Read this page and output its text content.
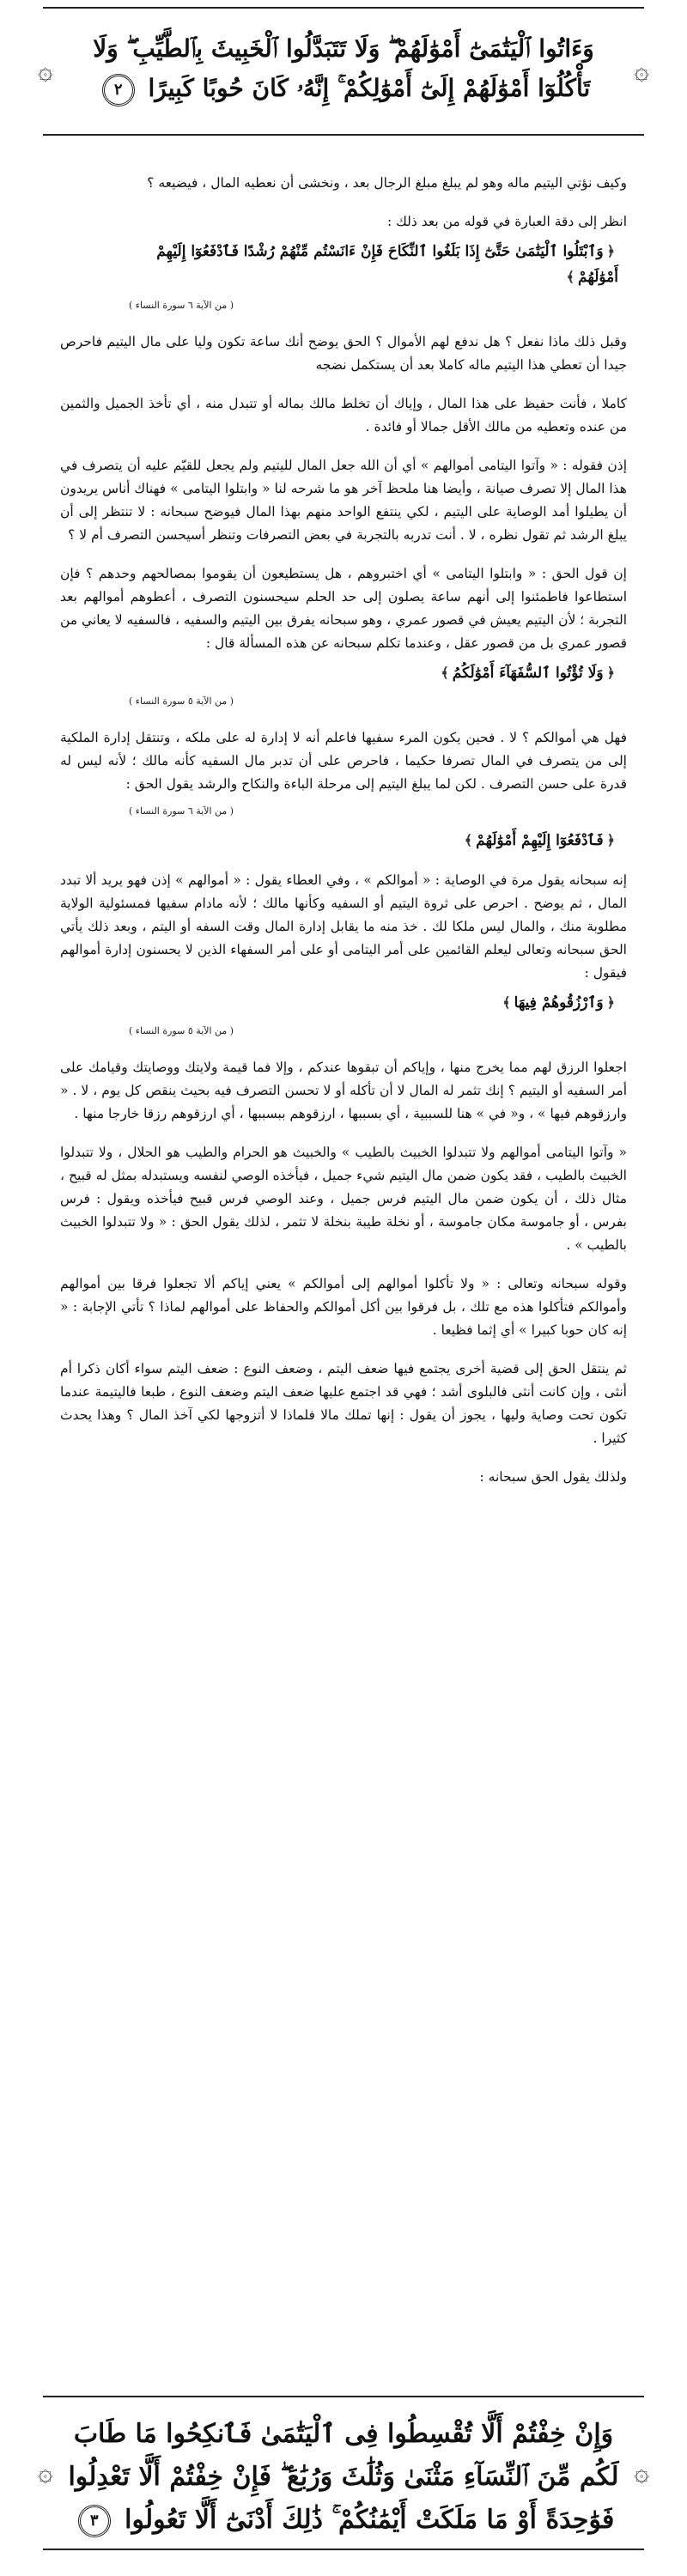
۞
وَءَاتُوا ٱلْيَتَٰمَىٰٓ أَمْوَٰلَهُمْ ۖ وَلَا تَتَبَدَّلُوا ٱلْخَبِيثَ بِٱلطَّيِّبِ ۖ وَلَا
تَأْكُلُوٓا أَمْوَٰلَهُمْ إِلَىٰٓ أَمْوَٰلِكُمْ ۚ إِنَّهُۥ كَانَ حُوبًا كَبِيرًا ٢
۞

وكيف نؤتي اليتيم ماله وهو لم يبلغ مبلغ الرجال بعد ، ونخشى أن نعطيه المال ، فيضيعه ؟

انظر إلى دقة العبارة في قوله من بعد ذلك :

﴿وَٱبْتَلُوا ٱلْيَتَٰمَىٰ حَتَّىٰٓ إِذَا بَلَغُوا ٱلنِّكَاحَ فَإِنْ ءَانَسْتُم مِّنْهُمْ رُشْدًا فَٱدْفَعُوٓا إِلَيْهِمْ
أَمْوَٰلَهُمْ﴾
( من الآية ٦ سورة النساء )

وقبل ذلك ماذا نفعل ؟ هل ندفع لهم الأموال ؟ الحق يوضح أنك ساعة تكون وليا على مال اليتيم فاحرص جيدا أن تعطي هذا اليتيم ماله كاملا بعد أن يستكمل نضجه

كاملا ، فأنت حفيظ على هذا المال ، وإياك أن تخلط مالك بماله أو تتبدل منه ، أي تأخذ الجميل والثمين من عنده وتعطيه من مالك الأقل جمالا أو فائدة .

إذن فقوله : « وآتوا اليتامى أموالهم » أي أن الله جعل المال لليتيم ولم يجعل للقيّم عليه أن يتصرف في هذا المال إلا تصرف صيانة ، وأيضا هنا ملحظ آخر هو ما شرحه لنا « وابتلوا اليتامى » فهناك أناس يريدون أن يطيلوا أمد الوصاية على اليتيم ، لكي ينتفع الواحد منهم بهذا المال فيوضح سبحانه : لا تنتظر إلى أن يبلغ الرشد ثم تقول نظره ، لا . أنت تدربه بالتجربة في بعض التصرفات وتنظر أسيحسن التصرف أم لا ؟

إن قول الحق : « وابتلوا اليتامى » أي اختبروهم ، هل يستطيعون أن يقوموا بمصالحهم وحدهم ؟ فإن استطاعوا فاطمئنوا إلى أنهم ساعة يصلون إلى حد الحلم سيحسنون التصرف ، أعطوهم أموالهم بعد التجربة ؛ لأن اليتيم يعيش في قصور عمري ، وهو سبحانه يفرق بين اليتيم والسفيه ، فالسفيه لا يعاني من قصور عمري بل من قصور عقل ، وعندما تكلم سبحانه عن هذه المسألة قال :

﴿وَلَا تُؤْتُوا ٱلسُّفَهَآءَ أَمْوَٰلَكُمُ﴾
( من الآية ٥ سورة النساء )

فهل هي أموالكم ؟ لا . فحين يكون المرء سفيها فاعلم أنه لا إدارة له على ملكه ، وتنتقل إدارة الملكية إلى من يتصرف في المال تصرفا حكيما ، فاحرص على أن تدبر مال السفيه كأنه مالك ؛ لأنه ليس له قدرة على حسن التصرف . لكن لما يبلغ اليتيم إلى مرحلة الباءة والنكاح والرشد يقول الحق :

( من الآية ٦ سورة النساء )
﴿فَٱدْفَعُوٓا إِلَيْهِمْ أَمْوَٰلَهُمْ﴾

إنه سبحانه يقول مرة في الوصاية : « أموالكم » ، وفي العطاء يقول : « أموالهم » إذن فهو يريد ألا تبدد المال ، ثم يوضح . احرص على ثروة اليتيم أو السفيه وكأنها مالك ؛ لأنه مادام سفيها فمسئولية الولاية مطلوبة منك ، والمال ليس ملكا لك . خذ منه ما يقابل إدارة المال وقت السفه أو اليتم ، وبعد ذلك يأتي الحق سبحانه وتعالى ليعلم القائمين على أمر اليتامى أو على أمر السفهاء الذين لا يحسنون إدارة أموالهم فيقول :

﴿وَٱرْزُقُوهُمْ فِيهَا﴾
( من الآية ٥ سورة النساء )

اجعلوا الرزق لهم مما يخرج منها ، وإياكم أن تبقوها عندكم ، وإلا فما قيمة ولايتك ووصايتك وقيامك على أمر السفيه أو اليتيم ؟ إنك تثمر له المال لا أن تأكله أو لا تحسن التصرف فيه بحيث ينقص كل يوم ، لا . « وارزقوهم فيها » ، و« في » هنا للسببية ، أي بسببها ، ارزقوهم ببسببها ، أي ارزقوهم رزقا خارجا منها .

« وآتوا اليتامى أموالهم ولا تتبدلوا الخبيث بالطيب » والخبيث هو الحرام والطيب هو الحلال ، ولا تتبدلوا الخبيث بالطيب ، فقد يكون ضمن مال اليتيم شيء جميل ، فيأخذه الوصي لنفسه ويستبدله بمثل له قبيح ، مثال ذلك ، أن يكون ضمن مال اليتيم فرس جميل ، وعند الوصي فرس قبيح فيأخذه ويقول : فرس بفرس ، أو جاموسة مكان جاموسة ، أو نخلة طيبة بنخلة لا تثمر ، لذلك يقول الحق : « ولا تتبدلوا الخبيث بالطيب » .

وقوله سبحانه وتعالى : « ولا تأكلوا أموالهم إلى أموالكم » يعني إياكم ألا تجعلوا فرقا بين أموالهم وأموالكم فتأكلوا هذه مع تلك ، بل فرقوا بين أكل أموالكم والحفاظ على أموالهم لماذا ؟ تأتي الإجابة : « إنه كان حوبا كبيرا » أي إثما فظيعا .

ثم ينتقل الحق إلى قضية أخرى يجتمع فيها ضعف اليتم ، وضعف النوع : ضعف اليتم سواء أكان ذكرا أم أنثى ، وإن كانت أنثى فالبلوى أشد ؛ فهي قد اجتمع عليها ضعف اليتم وضعف النوع ، طبعا فاليتيمة عندما تكون تحت وصاية وليها ، يجوز أن يقول : إنها تملك مالا فلماذا لا أتزوجها لكي آخذ المال ؟ وهذا يحدث كثيرا .

ولذلك يقول الحق سبحانه :

۞
وَإِنْ خِفْتُمْ أَلَّا تُقْسِطُوا فِى ٱلْيَتَٰمَىٰ فَٱنكِحُوا مَا طَابَ
لَكُم مِّنَ ٱلنِّسَآءِ مَثْنَىٰ وَثُلَٰثَ وَرُبَٰعَ ۖ فَإِنْ خِفْتُمْ أَلَّا تَعْدِلُوا
فَوَٰحِدَةً أَوْ مَا مَلَكَتْ أَيْمَٰنُكُمْ ۚ ذَٰلِكَ أَدْنَىٰٓ أَلَّا تَعُولُوا ٣
۞
